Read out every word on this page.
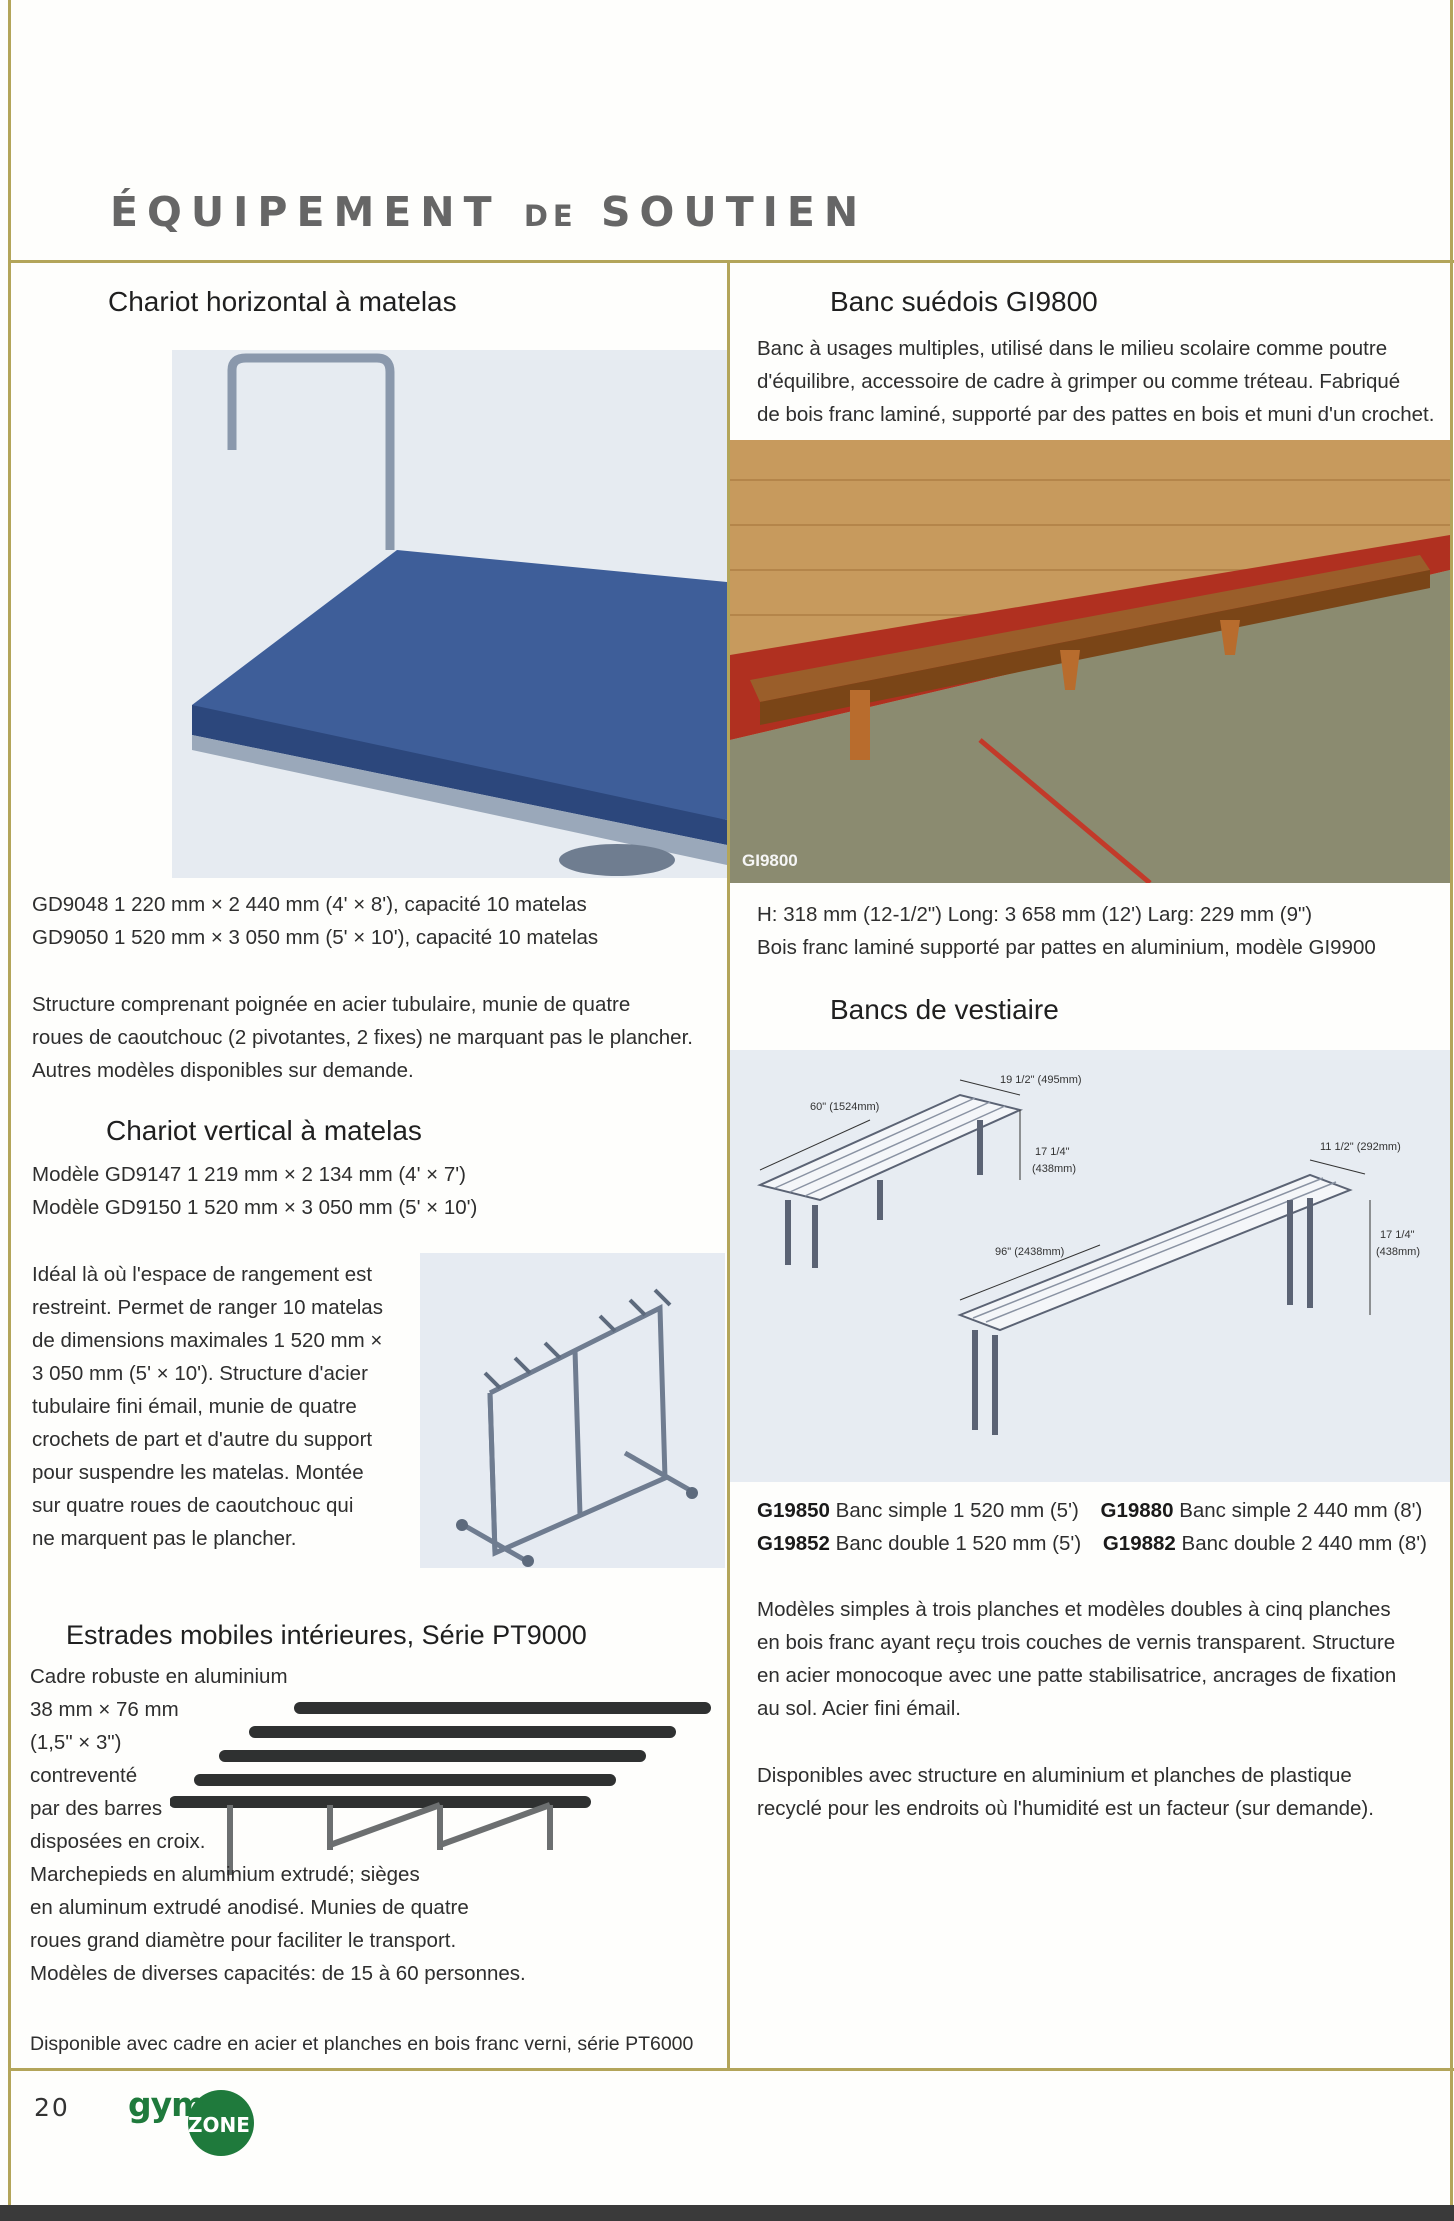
ÉQUIPEMENT DE SOUTIEN
Chariot horizontal à matelas
GD9048 1 220 mm × 2 440 mm (4' × 8'), capacité 10 matelas
GD9050 1 520 mm × 3 050 mm (5' × 10'), capacité 10 matelas
Structure comprenant poignée en acier tubulaire, munie de quatre
roues de caoutchouc (2 pivotantes, 2 fixes) ne marquant pas le plancher.
Autres modèles disponibles sur demande.
Chariot vertical à matelas
Modèle GD9147 1 219 mm × 2 134 mm (4' × 7')
Modèle GD9150 1 520 mm × 3 050 mm (5' × 10')
Idéal là où l'espace de rangement est
restreint. Permet de ranger 10 matelas
de dimensions maximales 1 520 mm ×
3 050 mm (5' × 10'). Structure d'acier
tubulaire fini émail, munie de quatre
crochets de part et d'autre du support
pour suspendre les matelas. Montée
sur quatre roues de caoutchouc qui
ne marquent pas le plancher.
Estrades mobiles intérieures, Série PT9000
Cadre robuste en aluminium
38 mm × 76 mm
(1,5" × 3")
contreventé
par des barres
disposées en croix.
Marchepieds en aluminium extrudé; sièges
en aluminum extrudé anodisé. Munies de quatre
roues grand diamètre pour faciliter le transport.
Modèles de diverses capacités: de 15 à 60 personnes.
Disponible avec cadre en acier et planches en bois franc verni, série PT6000
Banc suédois GI9800
Banc à usages multiples, utilisé dans le milieu scolaire comme poutre
d'équilibre, accessoire de cadre à grimper ou comme tréteau. Fabriqué
de bois franc laminé, supporté par des pattes en bois et muni d'un crochet.
GI9800
H: 318 mm (12-1/2") Long: 3 658 mm (12') Larg: 229 mm (9")
Bois franc laminé supporté par pattes en aluminium, modèle GI9900
Bancs de vestiaire
19 1/2" (495mm)
60" (1524mm)
17 1/4"
(438mm)
11 1/2" (292mm)
96" (2438mm)
17 1/4"
(438mm)
G19850 Banc simple 1 520 mm (5') G19880 Banc simple 2 440 mm (8')
G19852 Banc double 1 520 mm (5') G19882 Banc double 2 440 mm (8')
Modèles simples à trois planches et modèles doubles à cinq planches
en bois franc ayant reçu trois couches de vernis transparent. Structure
en acier monocoque avec une patte stabilisatrice, ancrages de fixation
au sol. Acier fini émail.
Disponibles avec structure en aluminium et planches de plastique
recyclé pour les endroits où l'humidité est un facteur (sur demande).
20 gym
ZONE
